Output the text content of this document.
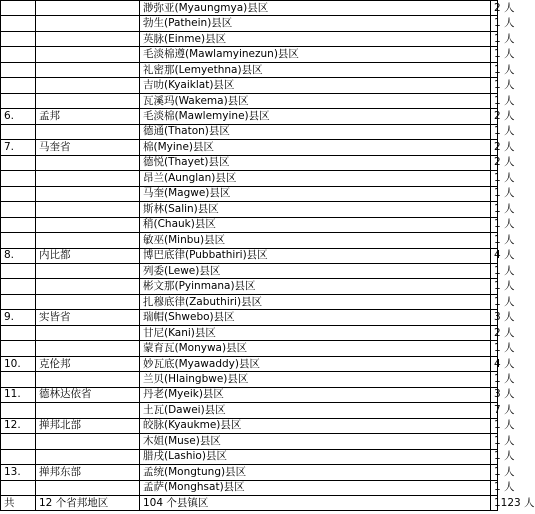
		渺弥亚(Myaungmya)县区	2 人
		勃生(Pathein)县区	1 人
		英脉(Einme)县区	1 人
		毛淡棉遵(Mawlamyinezun)县区	1 人
		礼密那(Lemyethna)县区	1 人
		吉叻(Kyaiklat)县区	1 人
		瓦溪玛(Wakema)县区	1 人
6.	孟邦	毛淡棉(Mawlemyine)县区	2 人
		德通(Thaton)县区	1 人
7.	马奎省	棉(Myine)县区	2 人
		德悦(Thayet)县区	2 人
		昂兰(Aunglan)县区	1 人
		马奎(Magwe)县区	1 人
		斯林(Salin)县区	1 人
		稍(Chauk)县区	1 人
		敏巫(Minbu)县区	1 人
8.	内比都	博巴底律(Pubbathiri)县区	4 人
		列委(Lewe)县区	1 人
		彬文那(Pyinmana)县区	1 人
		扎穆底律(Zabuthiri)县区	1 人
9.	实皆省	瑞帽(Shwebo)县区	3 人
		甘尼(Kani)县区	2 人
		蒙育瓦(Monywa)县区	1 人
10.	克伦邦	妙瓦底(Myawaddy)县区	4 人
		兰贝(Hlaingbwe)县区	1 人
11.	德林达依省	丹老(Myeik)县区	3 人
		土瓦(Dawei)县区	7 人
12.	掸邦北部	皎脉(Kyaukme)县区	1 人
		木姐(Muse)县区	1 人
		腊戌(Lashio)县区	1 人
13.	掸邦东部	孟统(Mongtung)县区	1 人
		孟萨(Monghsat)县区	1 人
共	12 个省邦地区	104 个县镇区	1123 人
